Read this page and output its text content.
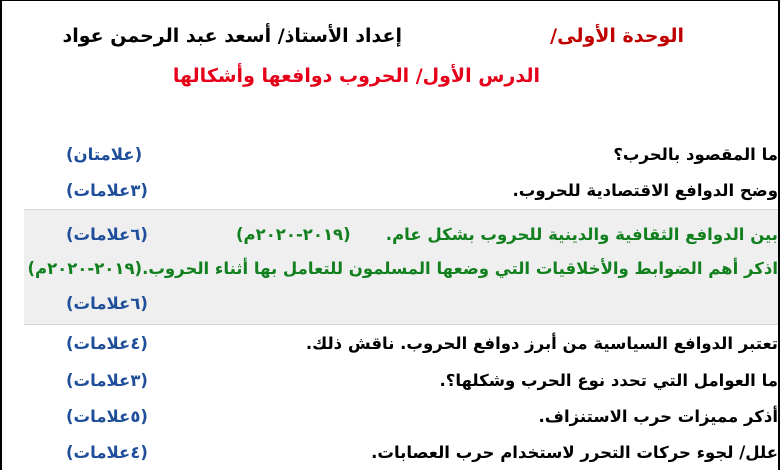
الوحدة الأولى/
إعداد الأستاذ/ أسعد عبد الرحمن عواد
الدرس الأول/ الحروب دوافعها وأشكالها
ما المقصود بالحرب؟
(علامتان)
وضح الدوافع الاقتصادية للحروب.
(٣علامات)
بين الدوافع الثقافية والدينية للحروب بشكل عام.
(٢٠١٩-٢٠٢٠م)
(٦علامات)
اذكر أهم الضوابط والأخلاقيات التي وضعها المسلمون للتعامل بها أثناء الحروب.(٢٠١٩-٢٠٢٠م)
(٦علامات)
تعتبر الدوافع السياسية من أبرز دوافع الحروب. ناقش ذلك.
(٤علامات)
ما العوامل التي تحدد نوع الحرب وشكلها؟.
(٣علامات)
أذكر مميزات حرب الاستنزاف.
(٥علامات)
علل/ لجوء حركات التحرر لاستخدام حرب العصابات.
(٤علامات)
